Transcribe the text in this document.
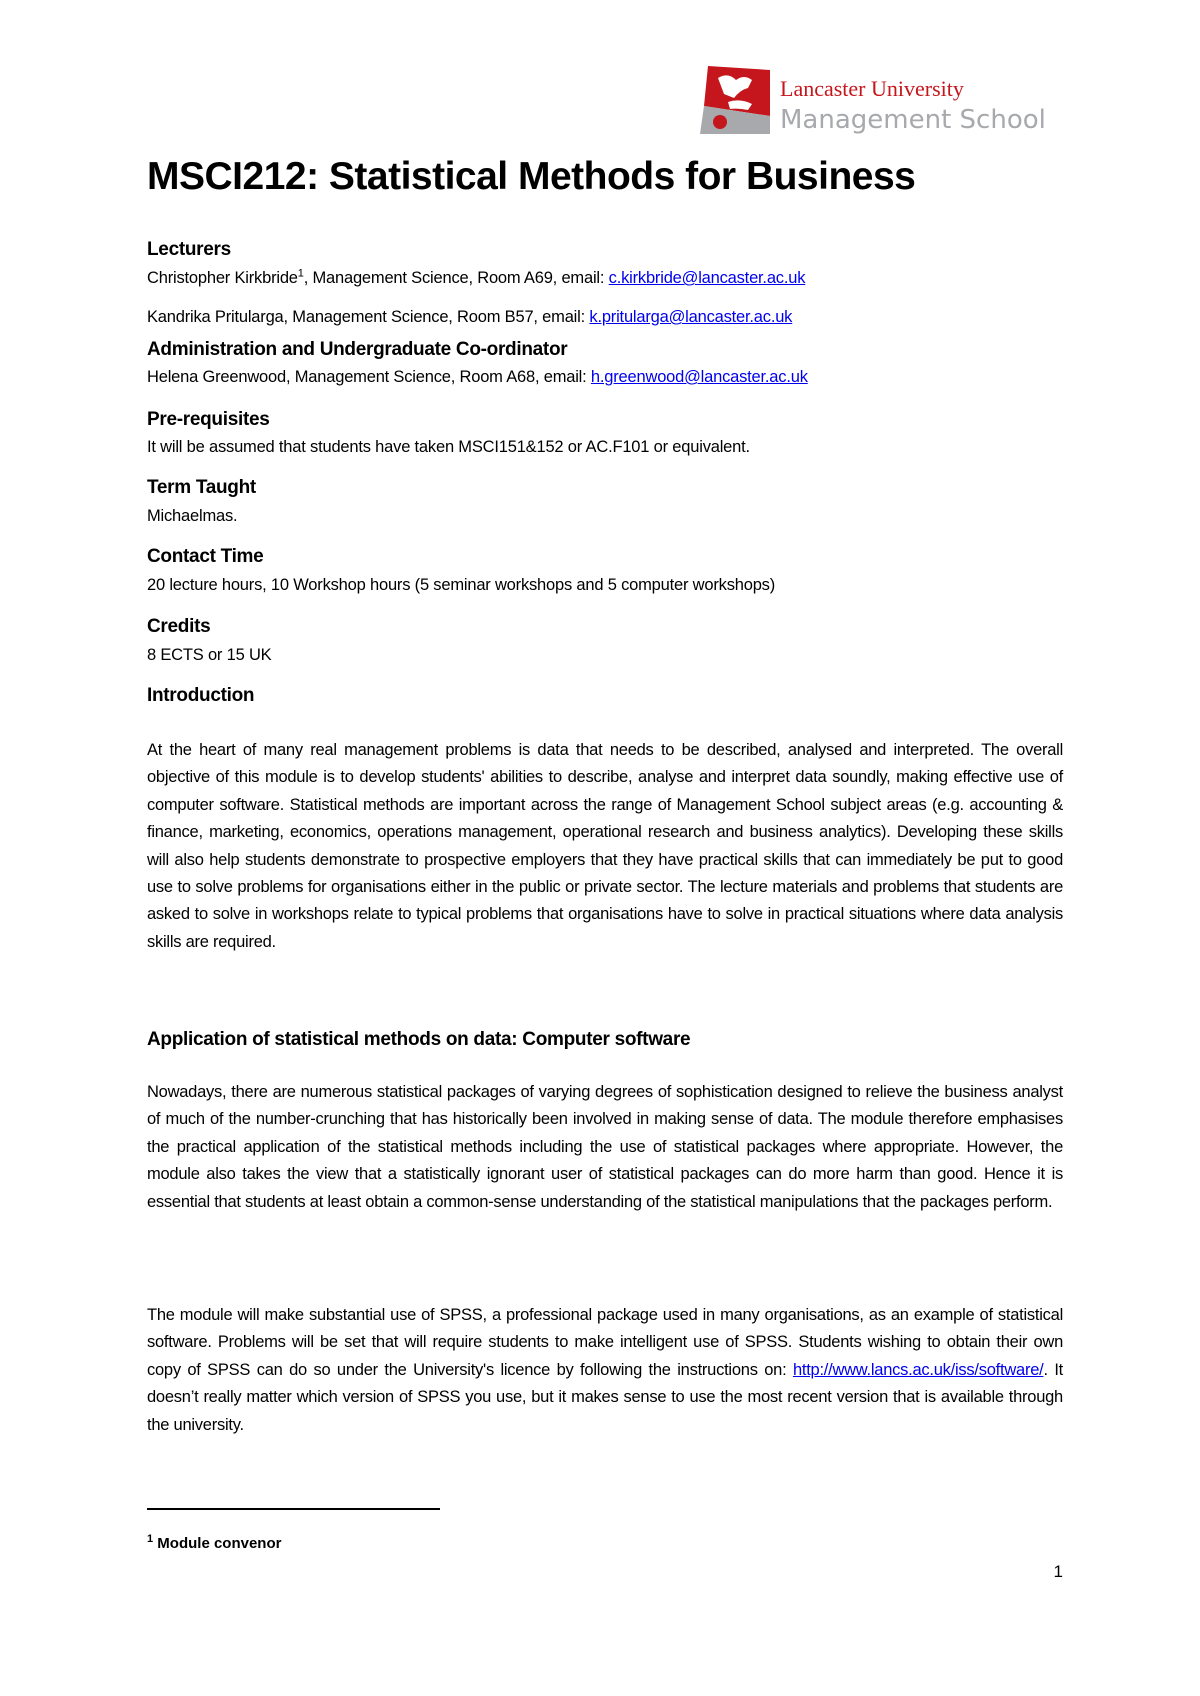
Lancaster University
Management School
MSCI212: Statistical Methods for Business
Lecturers
Christopher Kirkbride$^1$, Management Science, Room A69, email: c.kirkbride@lancaster.ac.uk
Kandrika Pritularga, Management Science, Room B57, email: k.pritularga@lancaster.ac.uk
Administration and Undergraduate Co-ordinator
Helena Greenwood, Management Science, Room A68, email: h.greenwood@lancaster.ac.uk
Pre-requisites
It will be assumed that students have taken MSCI151&152 or AC.F101 or equivalent.
Term Taught
Michaelmas.
Contact Time
20 lecture hours, 10 Workshop hours (5 seminar workshops and 5 computer workshops)
Credits
8 ECTS or 15 UK
Introduction
At the heart of many real management problems is data that needs to be described, analysed and interpreted. The overall objective of this module is to develop students' abilities to describe, analyse and interpret data soundly, making effective use of computer software. Statistical methods are important across the range of Management School subject areas (e.g. accounting & finance, marketing, economics, operations management, operational research and business analytics). Developing these skills will also help students demonstrate to prospective employers that they have practical skills that can immediately be put to good use to solve problems for organisations either in the public or private sector. The lecture materials and problems that students are asked to solve in workshops relate to typical problems that organisations have to solve in practical situations where data analysis skills are required.
Application of statistical methods on data: Computer software
Nowadays, there are numerous statistical packages of varying degrees of sophistication designed to relieve the business analyst of much of the number-crunching that has historically been involved in making sense of data. The module therefore emphasises the practical application of the statistical methods including the use of statistical packages where appropriate. However, the module also takes the view that a statistically ignorant user of statistical packages can do more harm than good. Hence it is essential that students at least obtain a common-sense understanding of the statistical manipulations that the packages perform.
The module will make substantial use of SPSS, a professional package used in many organisations, as an example of statistical software. Problems will be set that will require students to make intelligent use of SPSS. Students wishing to obtain their own copy of SPSS can do so under the University's licence by following the instructions on: http://www.lancs.ac.uk/iss/software/. It doesn’t really matter which version of SPSS you use, but it makes sense to use the most recent version that is available through the university.
$^1$ Module convenor
1
